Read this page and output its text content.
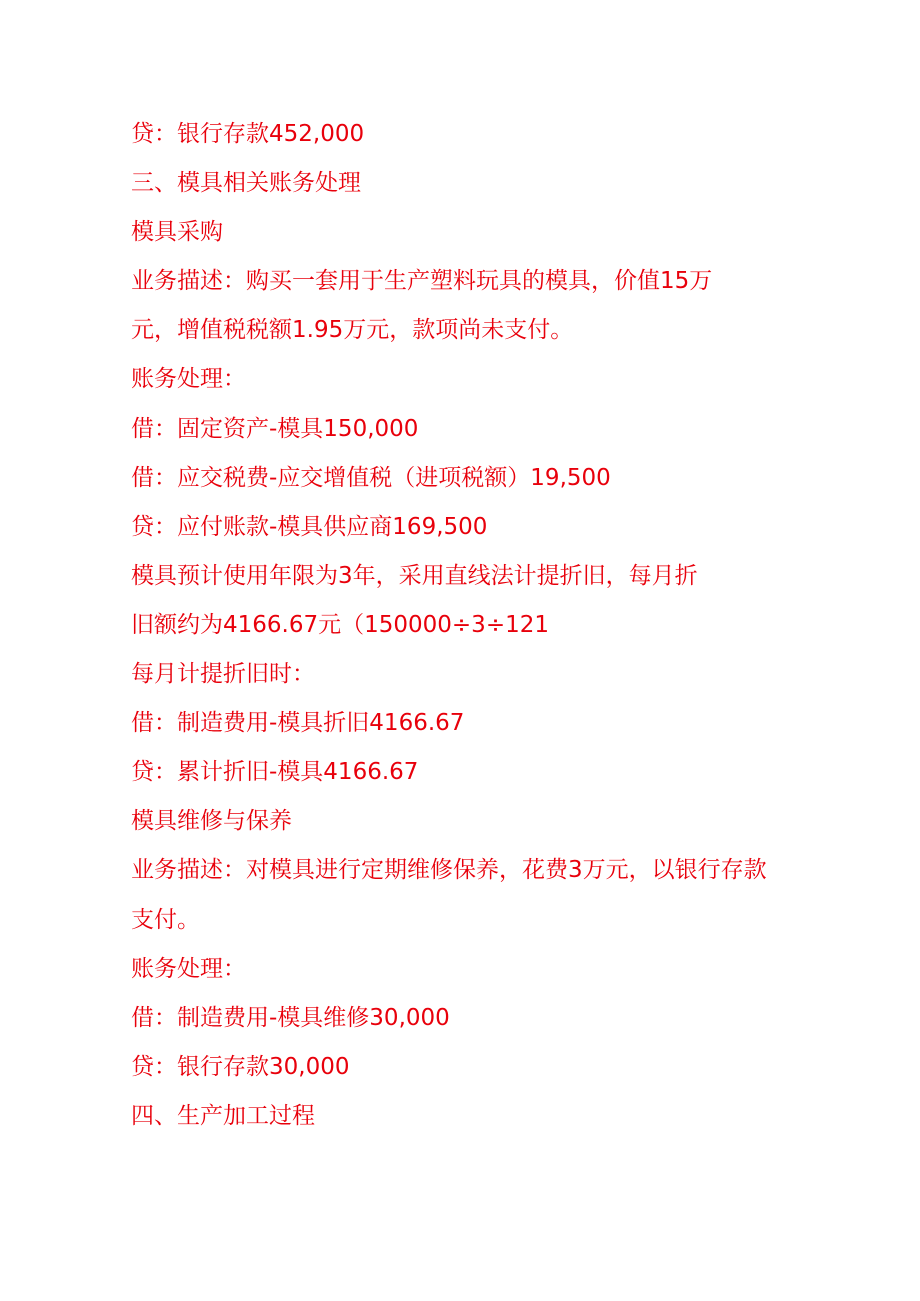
贷：银行存款452,000
三、模具相关账务处理
模具采购
业务描述：购买一套用于生产塑料玩具的模具，价值15万
元，增值税税额1.95万元，款项尚未支付。
账务处理：
借：固定资产-模具150,000
借：应交税费-应交增值税（进项税额）19,500
贷：应付账款-模具供应商169,500
模具预计使用年限为3年，采用直线法计提折旧，每月折
旧额约为4166.67元（150000÷3÷121
每月计提折旧时：
借：制造费用-模具折旧4166.67
贷：累计折旧-模具4166.67
模具维修与保养
业务描述：对模具进行定期维修保养，花费3万元，以银行存款
支付。
账务处理：
借：制造费用-模具维修30,000
贷：银行存款30,000
四、生产加工过程
